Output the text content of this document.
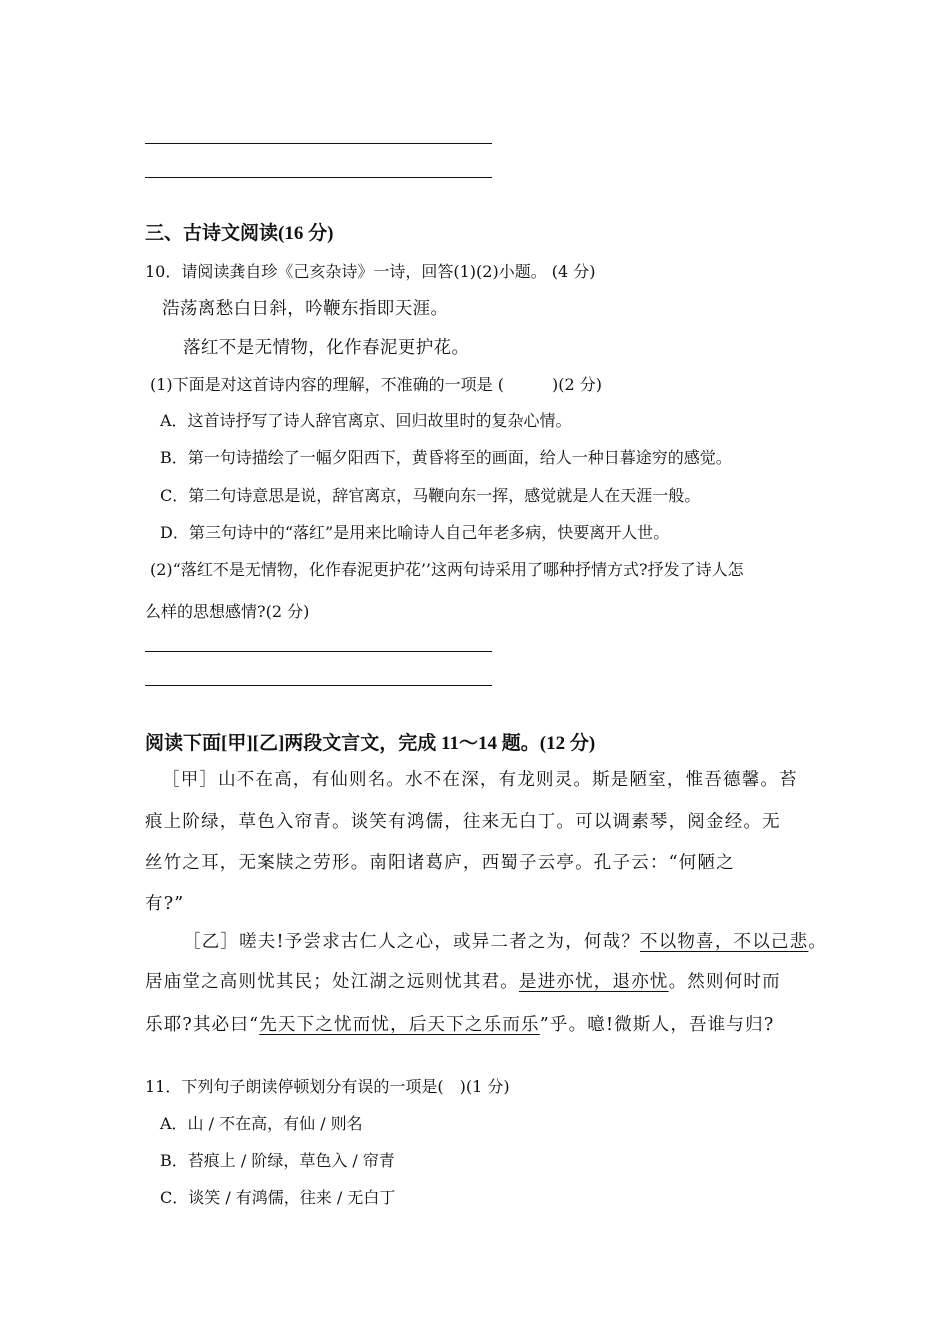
三、古诗文阅读(16 分)
10．请阅读龚自珍《己亥杂诗》一诗，回答(1)(2)小题。 (4 分)
浩荡离愁白日斜，吟鞭东指即天涯。
落红不是无情物，化作春泥更护花。
(1)下面是对这首诗内容的理解，不准确的一项是 (　　　)(2 分)
A．这首诗抒写了诗人辞官离京、回归故里时的复杂心情。
B．第一句诗描绘了一幅夕阳西下，黄昏将至的画面，给人一种日暮途穷的感觉。
C．第二句诗意思是说，辞官离京，马鞭向东一挥，感觉就是人在天涯一般。
D．第三句诗中的“落红”是用来比喻诗人自己年老多病，快要离开人世。
(2)“落红不是无情物，化作春泥更护花’’这两句诗采用了哪种抒情方式?抒发了诗人怎
么样的思想感情?(2 分)
阅读下面[甲][乙]两段文言文，完成 11～14 题。(12 分)
［甲］山不在高，有仙则名。水不在深，有龙则灵。斯是陋室，惟吾德馨。苔
痕上阶绿，草色入帘青。谈笑有鸿儒，往来无白丁。可以调素琴，阅金经。无
丝竹之耳，无案牍之劳形。南阳诸葛庐，西蜀子云亭。孔子云：“何陋之
有?”
［乙］嗟夫!予尝求古仁人之心，或异二者之为，何哉？不以物喜，不以己悲。
居庙堂之高则忧其民；处江湖之远则忧其君。是进亦忧，退亦忧。然则何时而
乐耶?其必曰“先天下之忧而忧，后天下之乐而乐”乎。噫!微斯人，吾谁与归?
11．下列句子朗读停顿划分有误的一项是(　)(1 分)
A．山 / 不在高，有仙 / 则名
B．苔痕上 / 阶绿，草色入 / 帘青
C．谈笑 / 有鸿儒，往来 / 无白丁
